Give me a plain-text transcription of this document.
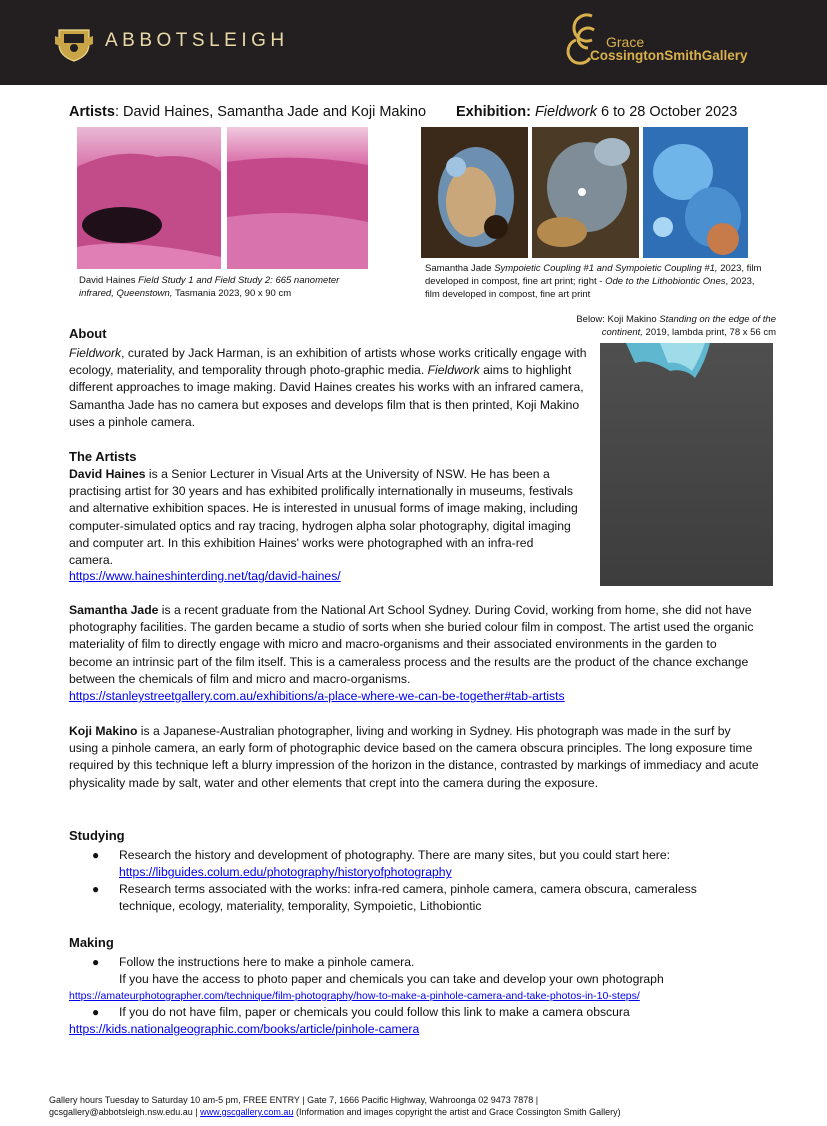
ABBOTSLEIGH	Grace
CossingtonSmithGallery
Artists: David Haines, Samantha Jade and Koji Makino Exhibition: Fieldwork 6 to 28 October 2023
David Haines Field Study 1 and Field Study 2: 665 nanometer infrared, Queenstown, Tasmania 2023, 90 x 90 cm
Samantha Jade Sympoietic Coupling #1 and Sympoietic Coupling #1, 2023, film developed in compost, fine art print; right - Ode to the Lithobiontic Ones, 2023, film developed in compost, fine art print
Below: Koji Makino Standing on the edge of the continent, 2019, lambda print, 78 x 56 cm
About
Fieldwork, curated by Jack Harman, is an exhibition of artists whose works critically engage with ecology, materiality, and temporality through photo-graphic media. Fieldwork aims to highlight different approaches to image making. David Haines creates his works with an infrared camera, Samantha Jade has no camera but exposes and develops film that is then printed, Koji Makino uses a pinhole camera.
The Artists
David Haines is a Senior Lecturer in Visual Arts at the University of NSW. He has been a practising artist for 30 years and has exhibited prolifically internationally in museums, festivals and alternative exhibition spaces. He is interested in unusual forms of image making, including computer-simulated optics and ray tracing, hydrogen alpha solar photography, digital imaging and computer art. In this exhibition Haines' works were photographed with an infra-red camera.
https://www.haineshinterding.net/tag/david-haines/
Samantha Jade is a recent graduate from the National Art School Sydney. During Covid, working from home, she did not have photography facilities. The garden became a studio of sorts when she buried colour film in compost. The artist used the organic materiality of film to directly engage with micro and macro-organisms and their associated environments in the garden to become an intrinsic part of the film itself. This is a cameraless process and the results are the product of the chance exchange between the chemicals of film and micro and macro-organisms.
https://stanleystreetgallery.com.au/exhibitions/a-place-where-we-can-be-together#tab-artists
Koji Makino is a Japanese-Australian photographer, living and working in Sydney. His photograph was made in the surf by using a pinhole camera, an early form of photographic device based on the camera obscura principles. The long exposure time required by this technique left a blurry impression of the horizon in the distance, contrasted by markings of immediacy and acute physicality made by salt, water and other elements that crept into the camera during the exposure.
Studying
● Research the history and development of photography. There are many sites, but you could start here:
https://libguides.colum.edu/photography/historyofphotography
● Research terms associated with the works: infra-red camera, pinhole camera, camera obscura, cameraless technique, ecology, materiality, temporality, Sympoietic, Lithobiontic
Making
● Follow the instructions here to make a pinhole camera.
If you have the access to photo paper and chemicals you can take and develop your own photograph
https://amateurphotographer.com/technique/film-photography/how-to-make-a-pinhole-camera-and-take-photos-in-10-steps/
● If you do not have film, paper or chemicals you could follow this link to make a camera obscura
https://kids.nationalgeographic.com/books/article/pinhole-camera
Gallery hours Tuesday to Saturday 10 am-5 pm, FREE ENTRY | Gate 7, 1666 Pacific Highway, Wahroonga 02 9473 7878 |
gcsgallery@abbotsleigh.nsw.edu.au | www.gscgallery.com.au (Information and images copyright the artist and Grace Cossington Smith Gallery)
